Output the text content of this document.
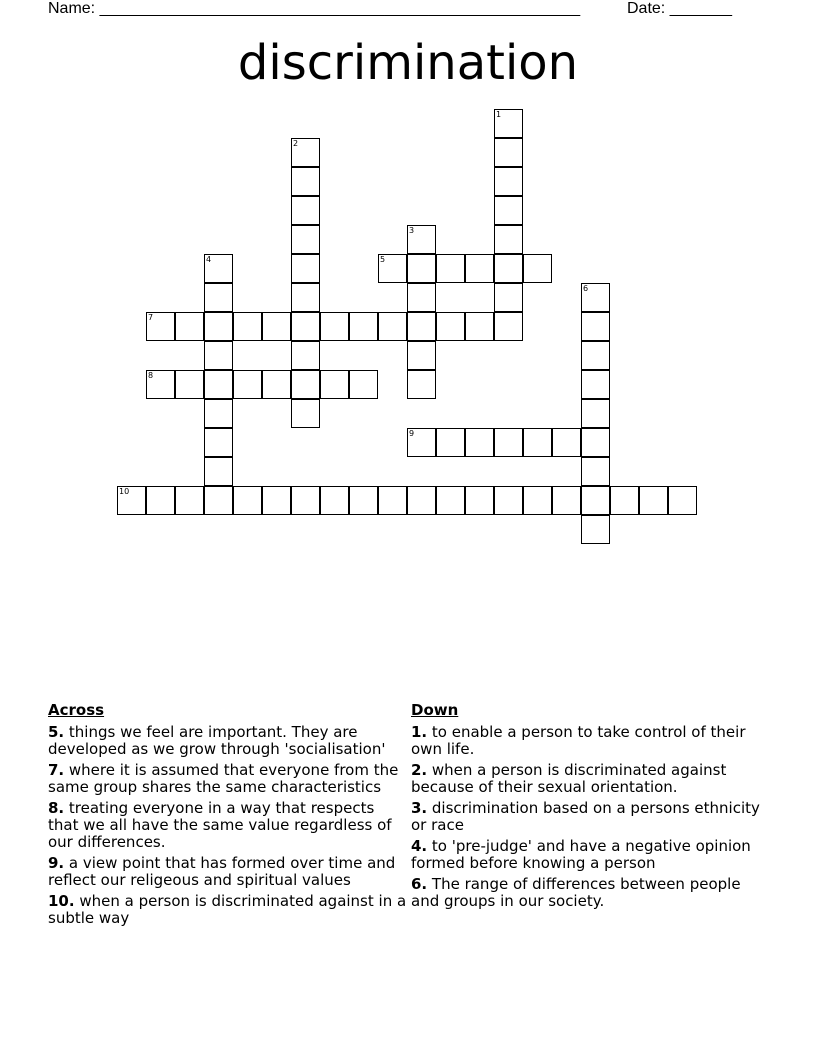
Name: ______________________________________________________	Date: _______
discrimination
1
2
3
4	5
6
7
8
9
10
Across
5. things we feel are important. They are developed as we grow through 'socialisation'
7. where it is assumed that everyone from the same group shares the same characteristics
8. treating everyone in a way that respects that we all have the same value regardless of our differences.
9. a view point that has formed over time and reflect our religeous and spiritual values
10. when a person is discriminated against in a subtle way
Down
1. to enable a person to take control of their own life.
2. when a person is discriminated against because of their sexual orientation.
3. discrimination based on a persons ethnicity or race
4. to 'pre-judge' and have a negative opinion formed before knowing a person
6. The range of differences between people and groups in our society.
